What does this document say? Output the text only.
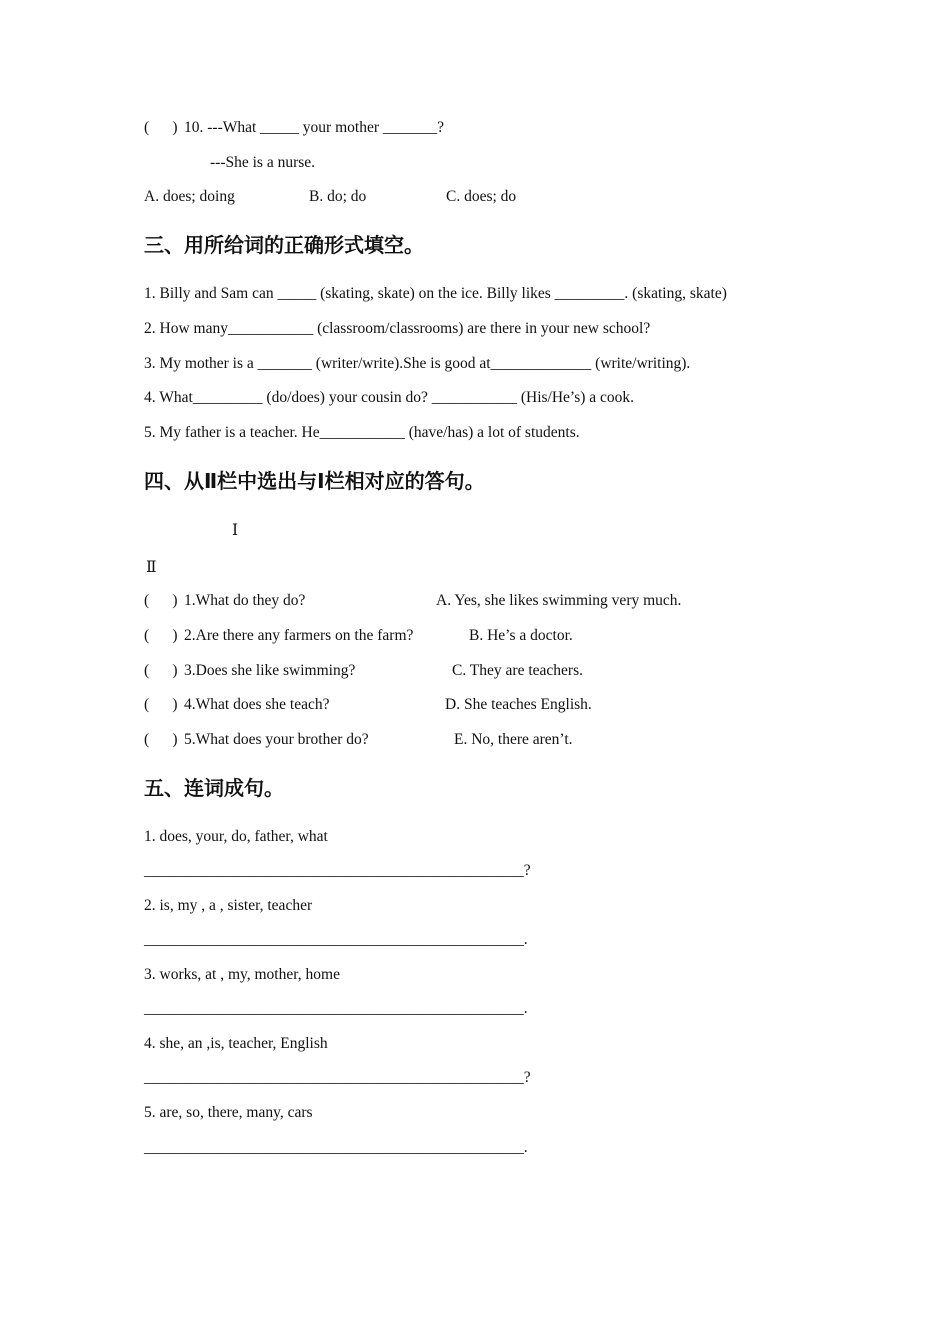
(      ) 10. ---What _____ your mother _______?
---She is a nurse.
A. does; doing	B. do; do	C. does; do
三、用所给词的正确形式填空。
1. Billy and Sam can _____ (skating, skate) on the ice. Billy likes _________. (skating, skate)
2. How many___________ (classroom/classrooms) are there in your new school?
3. My mother is a _______ (writer/write).She is good at_____________ (write/writing).
4. What_________ (do/does) your cousin do? ___________ (His/He’s) a cook.
5. My father is a teacher. He___________ (have/has) a lot of students.
四、从Ⅱ栏中选出与Ⅰ栏相对应的答句。
Ⅰ
Ⅱ
(      ) 1.What do they do?	A. Yes, she likes swimming very much.
(      ) 2.Are there any farmers on the farm?	B. He’s a doctor.
(      ) 3.Does she like swimming?	C. They are teachers.
(      ) 4.What does she teach?	D. She teaches English.
(      ) 5.What does your brother do?	E. No, there aren’t.
五、连词成句。
1. does, your, do, father, what
_________________________________________________?
2. is, my , a , sister, teacher
_________________________________________________.
3. works, at , my, mother, home
_________________________________________________.
4. she, an ,is, teacher, English
_________________________________________________?
5. are, so, there, many, cars
_________________________________________________.
